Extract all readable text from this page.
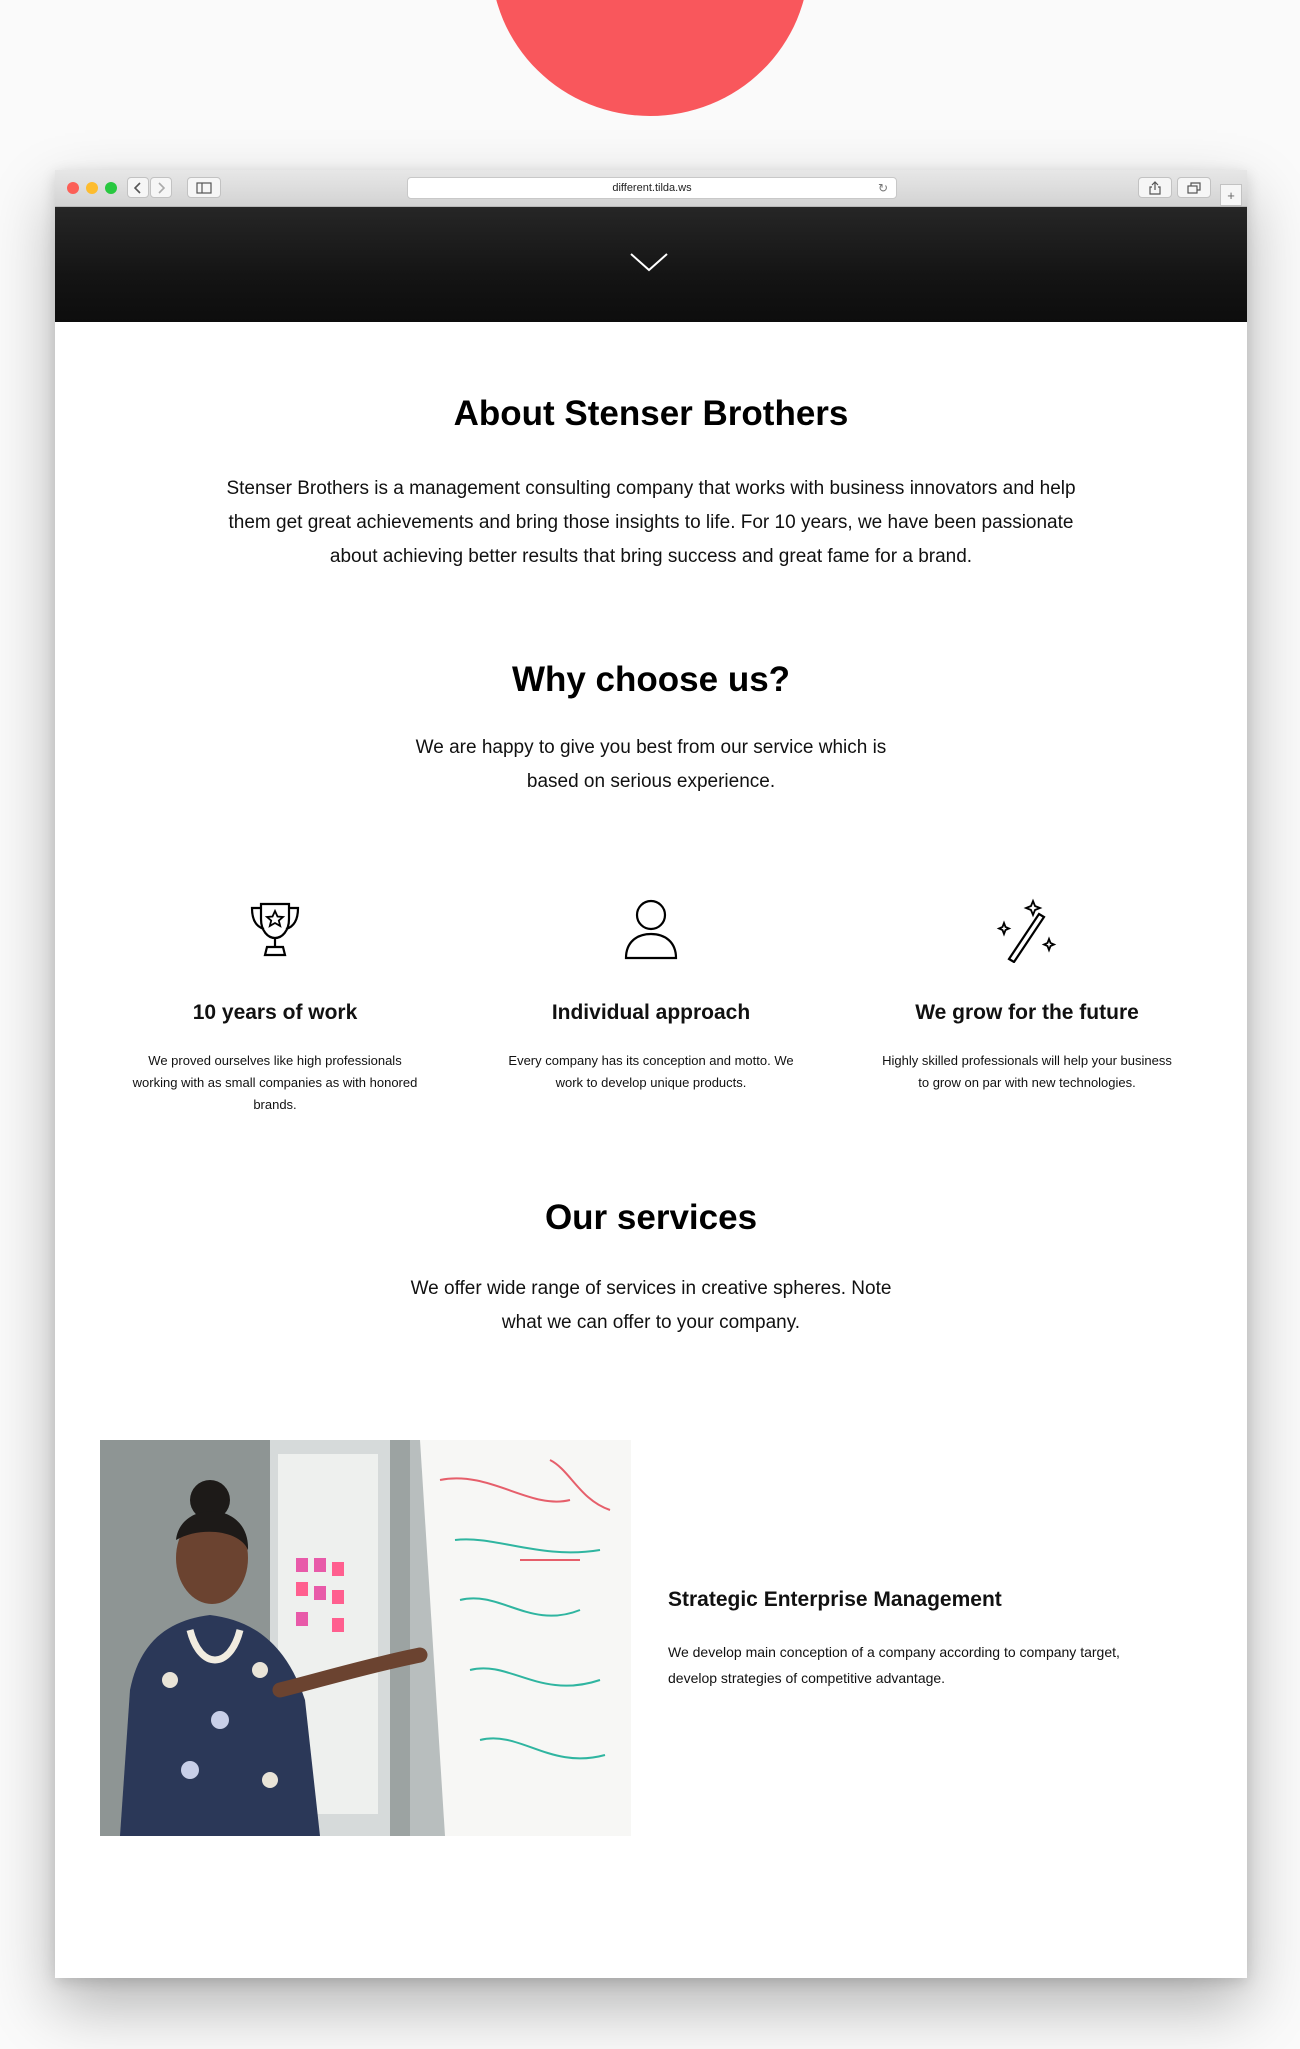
different.tilda.ws	↻	+
About Stenser Brothers

Stenser Brothers is a management consulting company that works with business innovators and help them get great achievements and bring those insights to life. For 10 years, we have been passionate about achieving better results that bring success and great fame for a brand.

Why choose us?

We are happy to give you best from our service which is based on serious experience.

10 years of work
We proved ourselves like high professionals working with as small companies as with honored brands.
Individual approach
Every company has its conception and motto. We work to develop unique products.
We grow for the future
Highly skilled professionals will help your business to grow on par with new technologies.
Our services

We offer wide range of services in creative spheres. Note what we can offer to your company.

Strategic Enterprise Management
We develop main conception of a company according to company target, develop strategies of competitive advantage.
